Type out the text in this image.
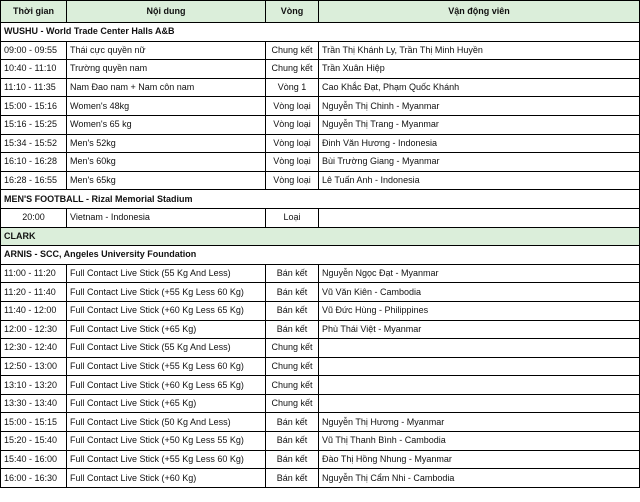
Thời gian	Nội dung	Vòng	Vận động viên
WUSHU - World Trade Center Halls A&B			
09:00 - 09:55	Thái cực quyền nữ	Chung kết	Trần Thị Khánh Ly, Trần Thị Minh Huyền
10:40 - 11:10	Trường quyền nam	Chung kết	Trần Xuân Hiệp
11:10 - 11:35	Nam Đao nam + Nam côn nam	Vòng 1	Cao Khắc Đạt, Phạm Quốc Khánh
15:00 - 15:16	Women's 48kg	Vòng loại	Nguyễn Thị Chinh - Myanmar
15:16 - 15:25	Women's 65 kg	Vòng loại	Nguyễn Thị Trang - Myanmar
15:34 - 15:52	Men's 52kg	Vòng loại	Đinh Văn Hương - Indonesia
16:10 - 16:28	Men's 60kg	Vòng loại	Bùi Trường Giang - Myanmar
16:28 - 16:55	Men's 65kg	Vòng loại	Lê Tuấn Anh - Indonesia
MEN'S FOOTBALL - Rizal Memorial Stadium			
20:00	Vietnam - Indonesia	Loại	
CLARK			
ARNIS - SCC, Angeles University Foundation			
11:00 - 11:20	Full Contact Live Stick (55 Kg And Less)	Bán kết	Nguyễn Ngọc Đạt - Myanmar
11:20 - 11:40	Full Contact Live Stick (+55 Kg Less 60 Kg)	Bán kết	Vũ Văn Kiên - Cambodia
11:40 - 12:00	Full Contact Live Stick (+60 Kg Less 65 Kg)	Bán kết	Vũ Đức Hùng - Philippines
12:00 - 12:30	Full Contact Live Stick (+65 Kg)	Bán kết	Phù Thái Việt - Myanmar
12:30 - 12:40	Full Contact Live Stick (55 Kg And Less)	Chung kết	
12:50 - 13:00	Full Contact Live Stick (+55 Kg Less 60 Kg)	Chung kết	
13:10 - 13:20	Full Contact Live Stick (+60 Kg Less 65 Kg)	Chung kết	
13:30 - 13:40	Full Contact Live Stick (+65 Kg)	Chung kết	
15:00 - 15:15	Full Contact Live Stick (50 Kg And Less)	Bán kết	Nguyễn Thị Hương - Myanmar
15:20 - 15:40	Full Contact Live Stick (+50 Kg Less 55 Kg)	Bán kết	Vũ Thị Thanh Bình - Cambodia
15:40 - 16:00	Full Contact Live Stick (+55 Kg Less 60 Kg)	Bán kết	Đào Thị Hồng Nhung - Myanmar
16:00 - 16:30	Full Contact Live Stick (+60 Kg)	Bán kết	Nguyễn Thị Cẩm Nhi - Cambodia
